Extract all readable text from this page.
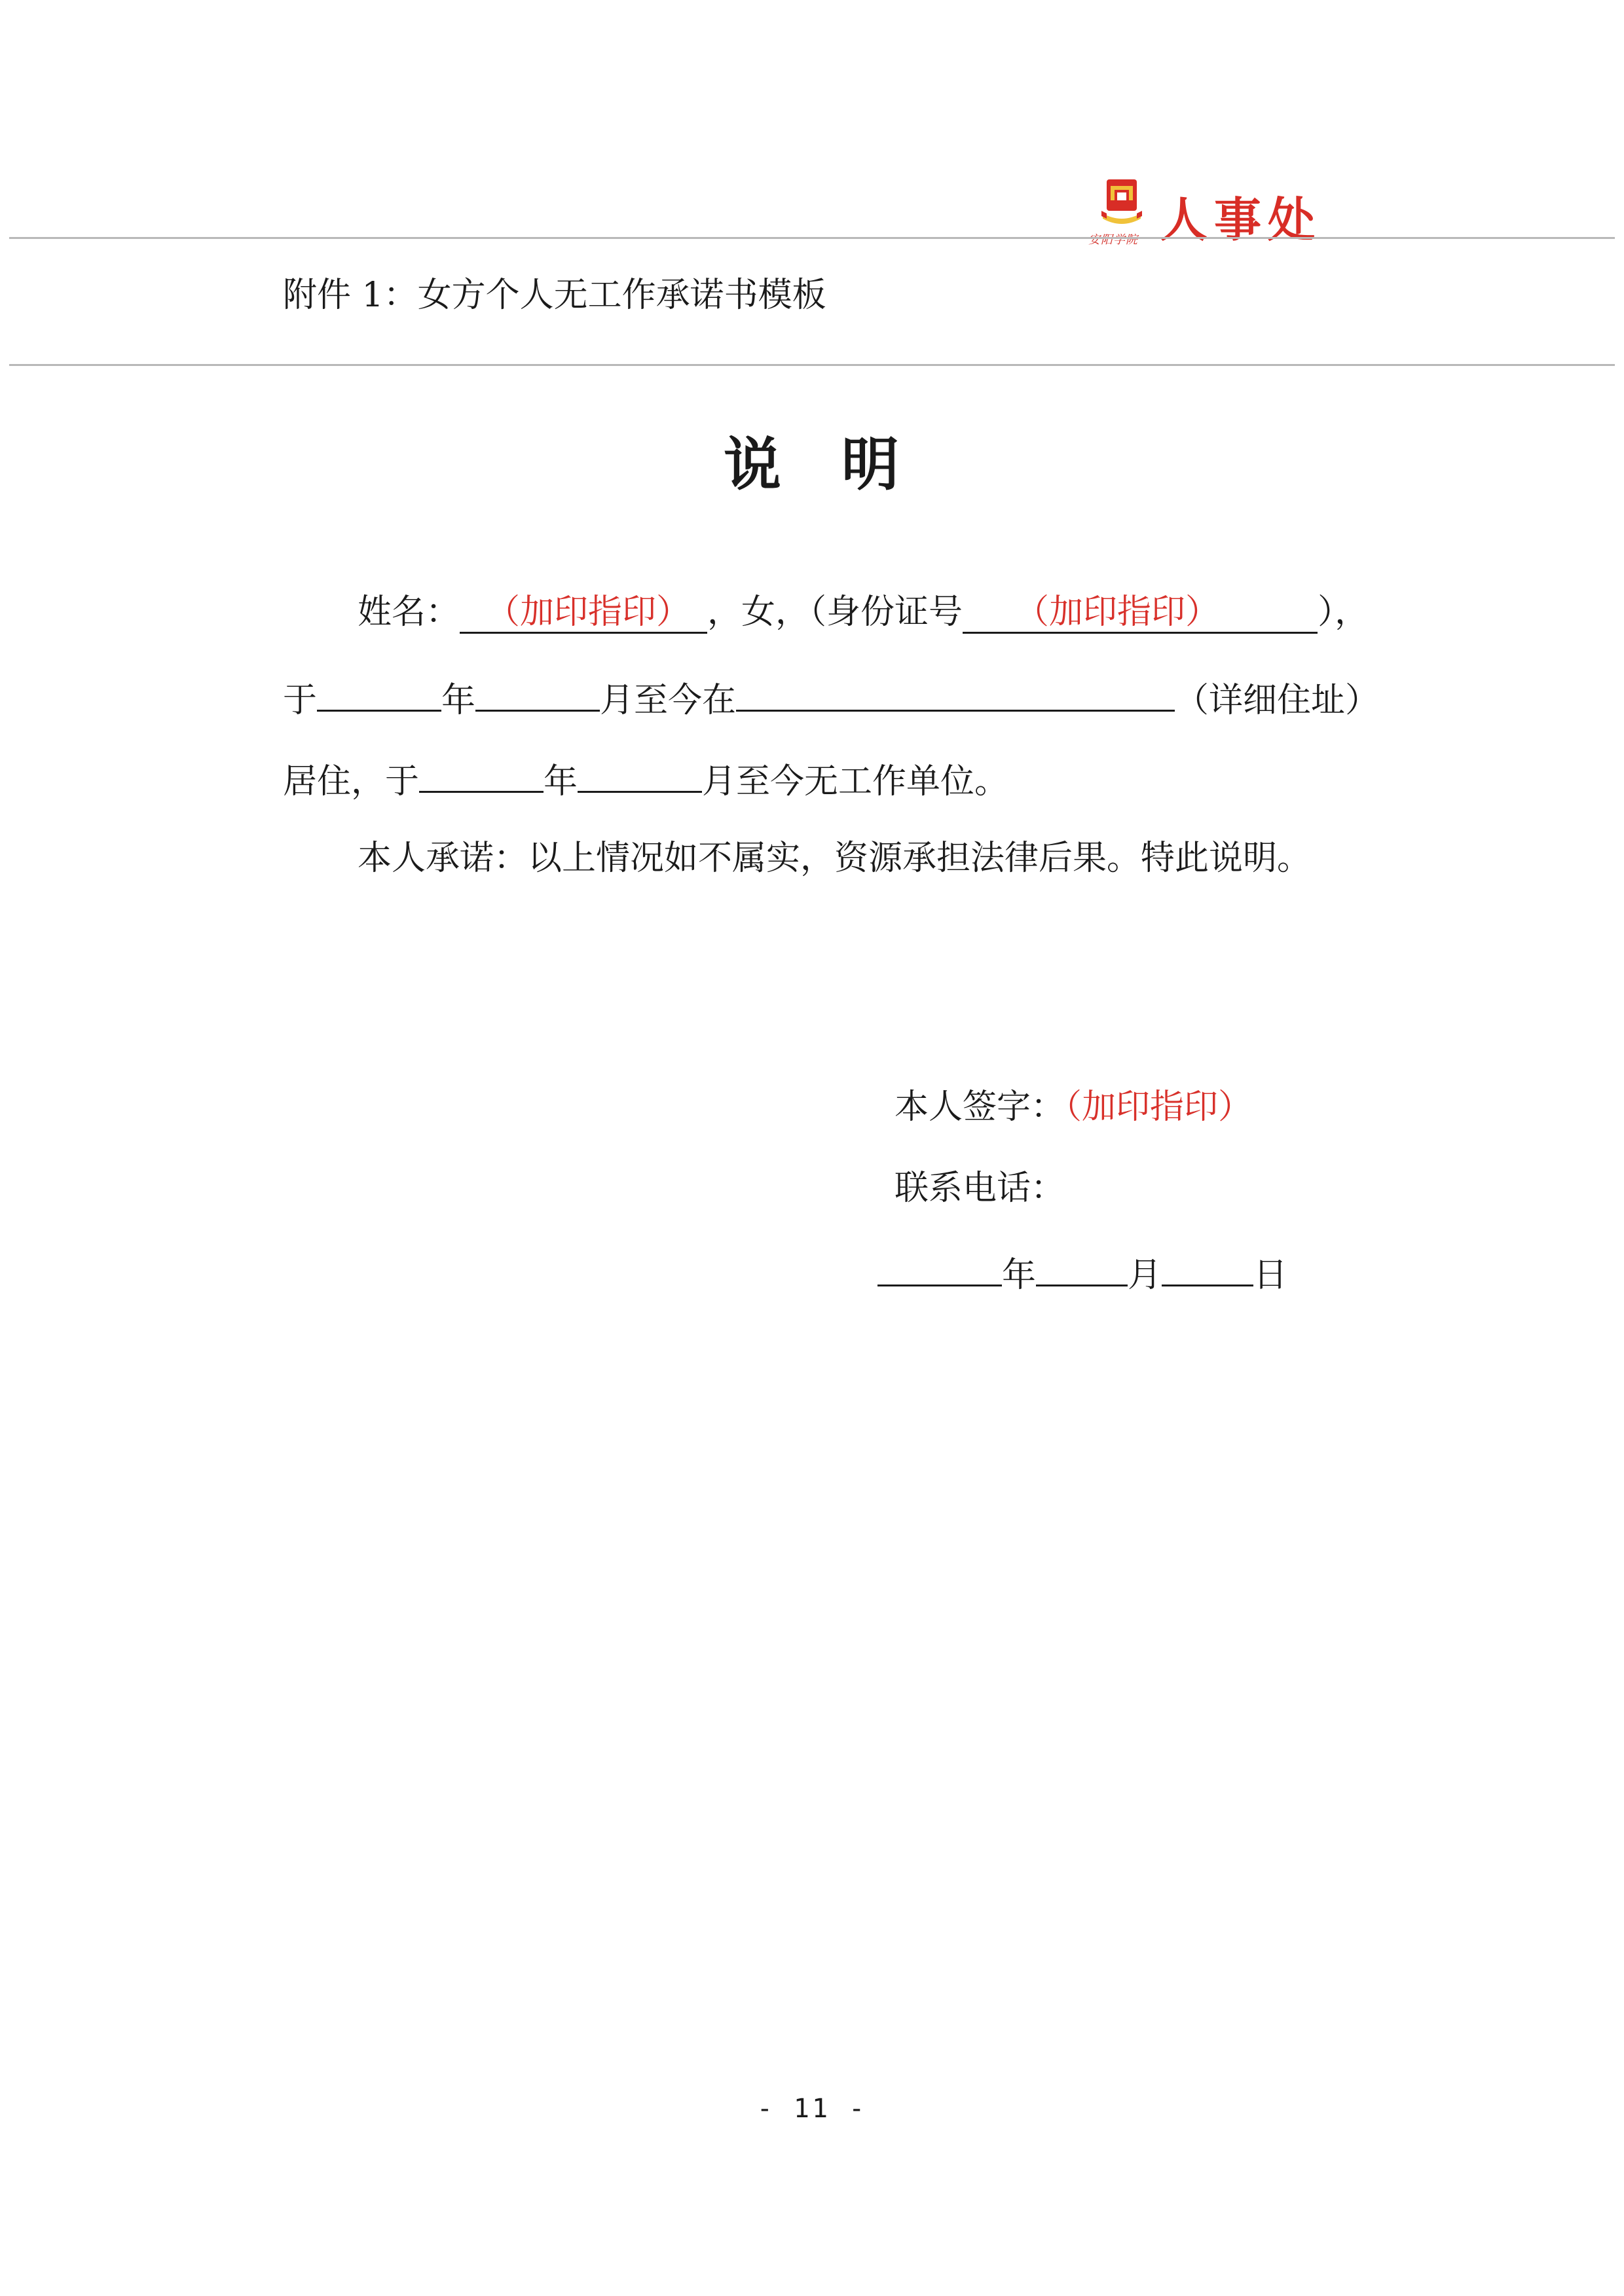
安阳学院 人事处
附件 1：女方个人无工作承诺书模板
说　明
姓名： （加印指印） ，女，（身份证号 （加印指印）	），
于	年	月至今在	（详细住址）
居住，于	年	月至今无工作单位。
本人承诺：以上情况如不属实，资源承担法律后果。特此说明。
本人签字：（加印指印）
联系电话：
年	月	日
- 11 -
